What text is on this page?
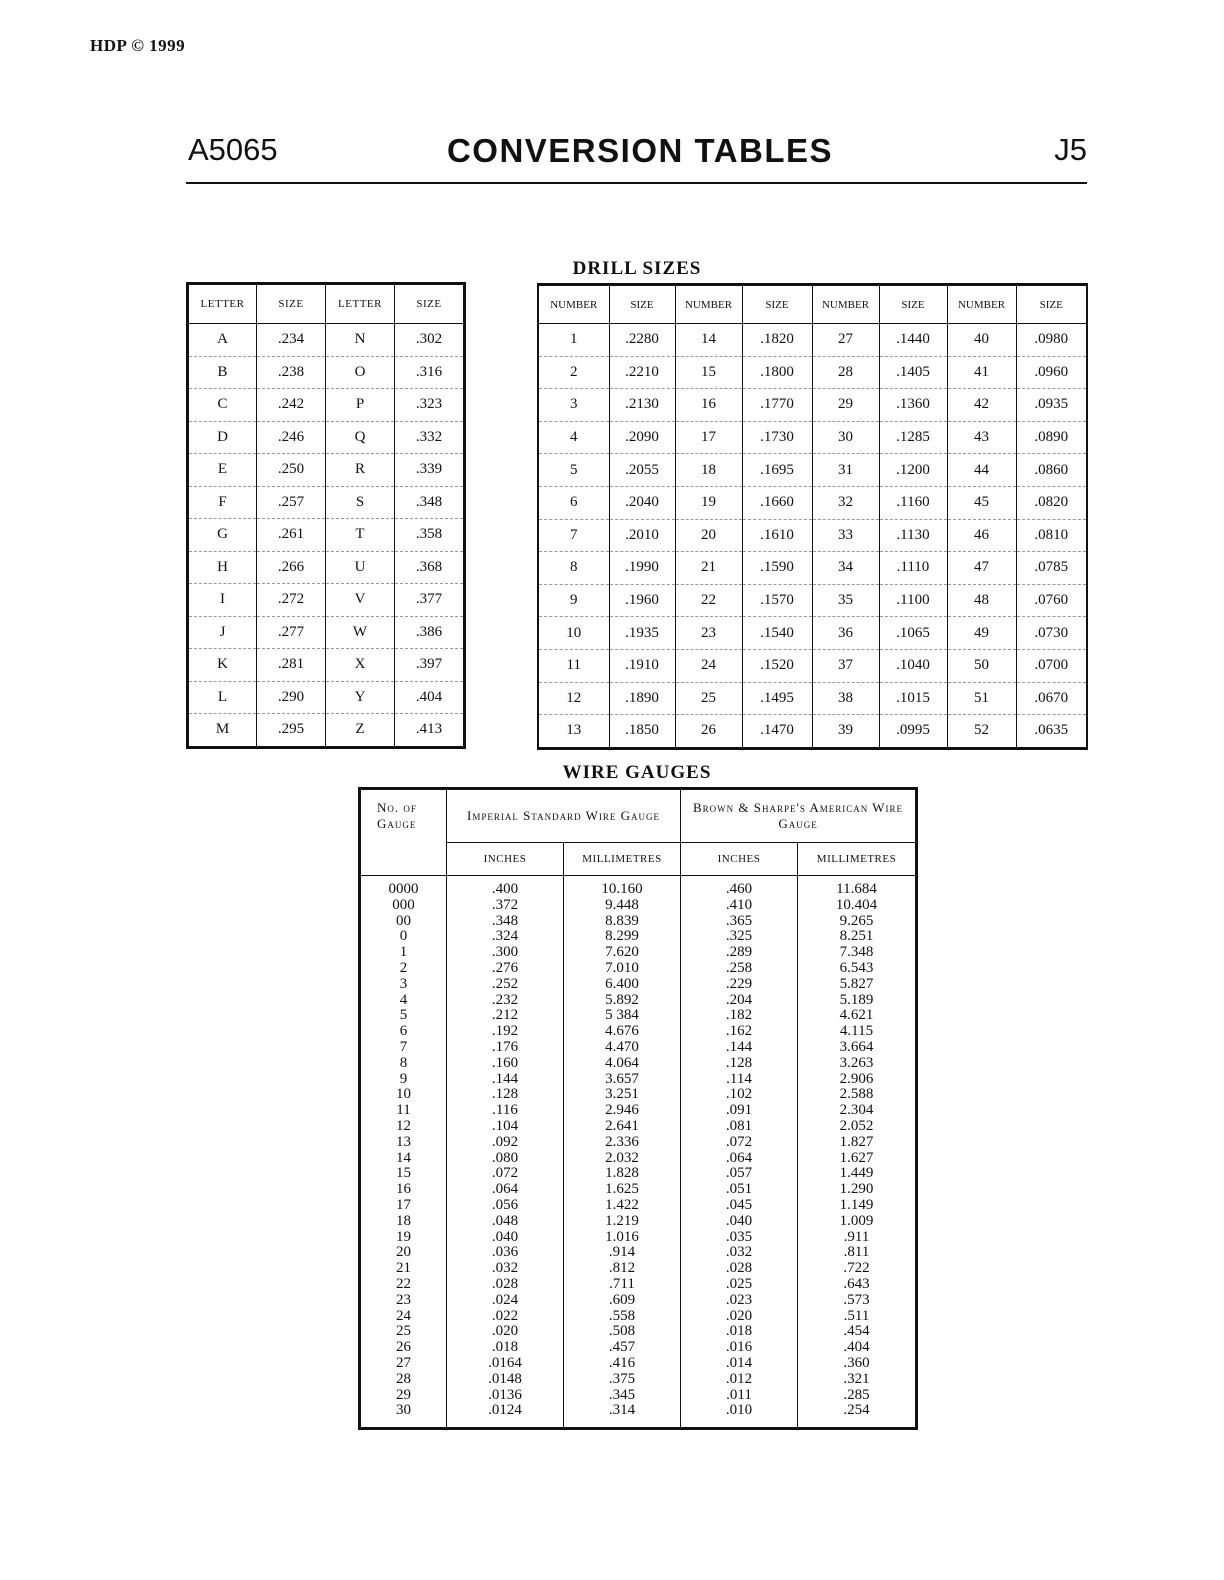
HDP © 1999
A5065	CONVERSION TABLES	J5
DRILL SIZES
LETTER	SIZE	LETTER	SIZE
A	.234	N	.302
B	.238	O	.316
C	.242	P	.323
D	.246	Q	.332
E	.250	R	.339
F	.257	S	.348
G	.261	T	.358
H	.266	U	.368
I	.272	V	.377
J	.277	W	.386
K	.281	X	.397
L	.290	Y	.404
M	.295	Z	.413
NUMBER	SIZE	NUMBER	SIZE	NUMBER	SIZE	NUMBER	SIZE
1	.2280	14	.1820	27	.1440	40	.0980
2	.2210	15	.1800	28	.1405	41	.0960
3	.2130	16	.1770	29	.1360	42	.0935
4	.2090	17	.1730	30	.1285	43	.0890
5	.2055	18	.1695	31	.1200	44	.0860
6	.2040	19	.1660	32	.1160	45	.0820
7	.2010	20	.1610	33	.1130	46	.0810
8	.1990	21	.1590	34	.1110	47	.0785
9	.1960	22	.1570	35	.1100	48	.0760
10	.1935	23	.1540	36	.1065	49	.0730
11	.1910	24	.1520	37	.1040	50	.0700
12	.1890	25	.1495	38	.1015	51	.0670
13	.1850	26	.1470	39	.0995	52	.0635
WIRE GAUGES
No. of Gauge	Imperial Standard Wire Gauge		Brown & Sharpe's American Wire Gauge	
	INCHES	MILLIMETRES	INCHES	MILLIMETRES
0000	.400	10.160	.460	11.684
000	.372	9.448	.410	10.404
00	.348	8.839	.365	9.265
0	.324	8.299	.325	8.251
1	.300	7.620	.289	7.348
2	.276	7.010	.258	6.543
3	.252	6.400	.229	5.827
4	.232	5.892	.204	5.189
5	.212	5 384	.182	4.621
6	.192	4.676	.162	4.115
7	.176	4.470	.144	3.664
8	.160	4.064	.128	3.263
9	.144	3.657	.114	2.906
10	.128	3.251	.102	2.588
11	.116	2.946	.091	2.304
12	.104	2.641	.081	2.052
13	.092	2.336	.072	1.827
14	.080	2.032	.064	1.627
15	.072	1.828	.057	1.449
16	.064	1.625	.051	1.290
17	.056	1.422	.045	1.149
18	.048	1.219	.040	1.009
19	.040	1.016	.035	.911
20	.036	.914	.032	.811
21	.032	.812	.028	.722
22	.028	.711	.025	.643
23	.024	.609	.023	.573
24	.022	.558	.020	.511
25	.020	.508	.018	.454
26	.018	.457	.016	.404
27	.0164	.416	.014	.360
28	.0148	.375	.012	.321
29	.0136	.345	.011	.285
30	.0124	.314	.010	.254
